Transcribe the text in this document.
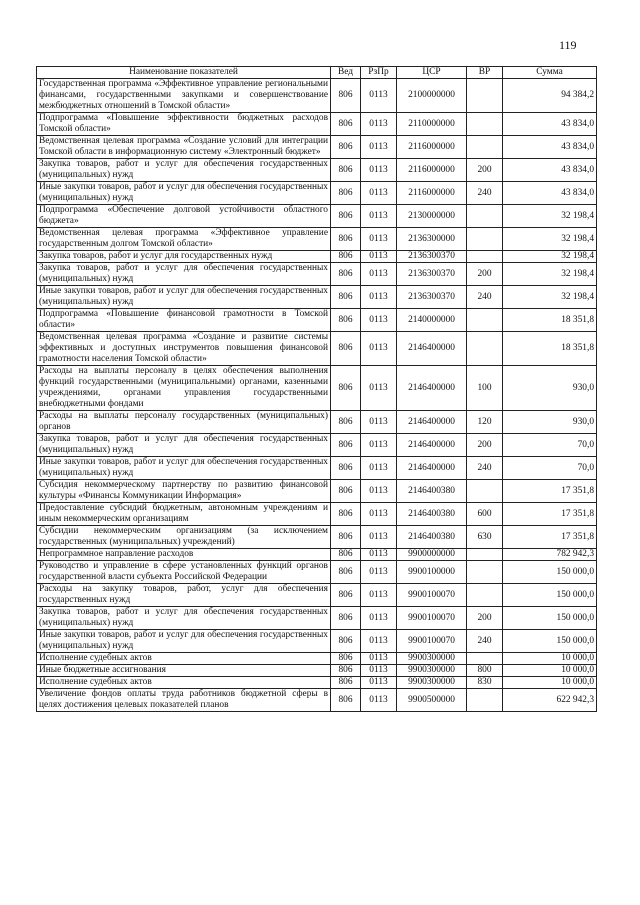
119
Наименование показателей	Вед	РзПр	ЦСР	ВР	Сумма
Государственная программа «Эффективное управление региональными финансами, государственными закупками и совершенствование межбюджетных отношений в Томской области»	806	0113	2100000000		94 384,2
Подпрограмма «Повышение эффективности бюджетных расходов Томской области»	806	0113	2110000000		43 834,0
Ведомственная целевая программа «Создание условий для интеграции Томской области в информационную систему «Электронный бюджет»	806	0113	2116000000		43 834,0
Закупка товаров, работ и услуг для обеспечения государственных (муниципальных) нужд	806	0113	2116000000	200	43 834,0
Иные закупки товаров, работ и услуг для обеспечения государственных (муниципальных) нужд	806	0113	2116000000	240	43 834,0
Подпрограмма «Обеспечение долговой устойчивости областного бюджета»	806	0113	2130000000		32 198,4
Ведомственная целевая программа «Эффективное управление государственным долгом Томской области»	806	0113	2136300000		32 198,4
Закупка товаров, работ и услуг для государственных нужд	806	0113	2136300370		32 198,4
Закупка товаров, работ и услуг для обеспечения государственных (муниципальных) нужд	806	0113	2136300370	200	32 198,4
Иные закупки товаров, работ и услуг для обеспечения государственных (муниципальных) нужд	806	0113	2136300370	240	32 198,4
Подпрограмма «Повышение финансовой грамотности в Томской области»	806	0113	2140000000		18 351,8
Ведомственная целевая программа «Создание и развитие системы эффективных и доступных инструментов повышения финансовой грамотности населения Томской области»	806	0113	2146400000		18 351,8
Расходы на выплаты персоналу в целях обеспечения выполнения функций государственными (муниципальными) органами, казенными учреждениями, органами управления государственными внебюджетными фондами	806	0113	2146400000	100	930,0
Расходы на выплаты персоналу государственных (муниципальных) органов	806	0113	2146400000	120	930,0
Закупка товаров, работ и услуг для обеспечения государственных (муниципальных) нужд	806	0113	2146400000	200	70,0
Иные закупки товаров, работ и услуг для обеспечения государственных (муниципальных) нужд	806	0113	2146400000	240	70,0
Субсидия некоммерческому партнерству по развитию финансовой культуры «Финансы Коммуникации Информация»	806	0113	2146400380		17 351,8
Предоставление субсидий бюджетным, автономным учреждениям и иным некоммерческим организациям	806	0113	2146400380	600	17 351,8
Субсидии некоммерческим организациям (за исключением государственных (муниципальных) учреждений)	806	0113	2146400380	630	17 351,8
Непрограммное направление расходов	806	0113	9900000000		782 942,3
Руководство и управление в сфере установленных функций органов государственной власти субъекта Российской Федерации	806	0113	9900100000		150 000,0
Расходы на закупку товаров, работ, услуг для обеспечения государственных нужд	806	0113	9900100070		150 000,0
Закупка товаров, работ и услуг для обеспечения государственных (муниципальных) нужд	806	0113	9900100070	200	150 000,0
Иные закупки товаров, работ и услуг для обеспечения государственных (муниципальных) нужд	806	0113	9900100070	240	150 000,0
Исполнение судебных актов	806	0113	9900300000		10 000,0
Иные бюджетные ассигнования	806	0113	9900300000	800	10 000,0
Исполнение судебных актов	806	0113	9900300000	830	10 000,0
Увеличение фондов оплаты труда работников бюджетной сферы в целях достижения целевых показателей планов	806	0113	9900500000		622 942,3
